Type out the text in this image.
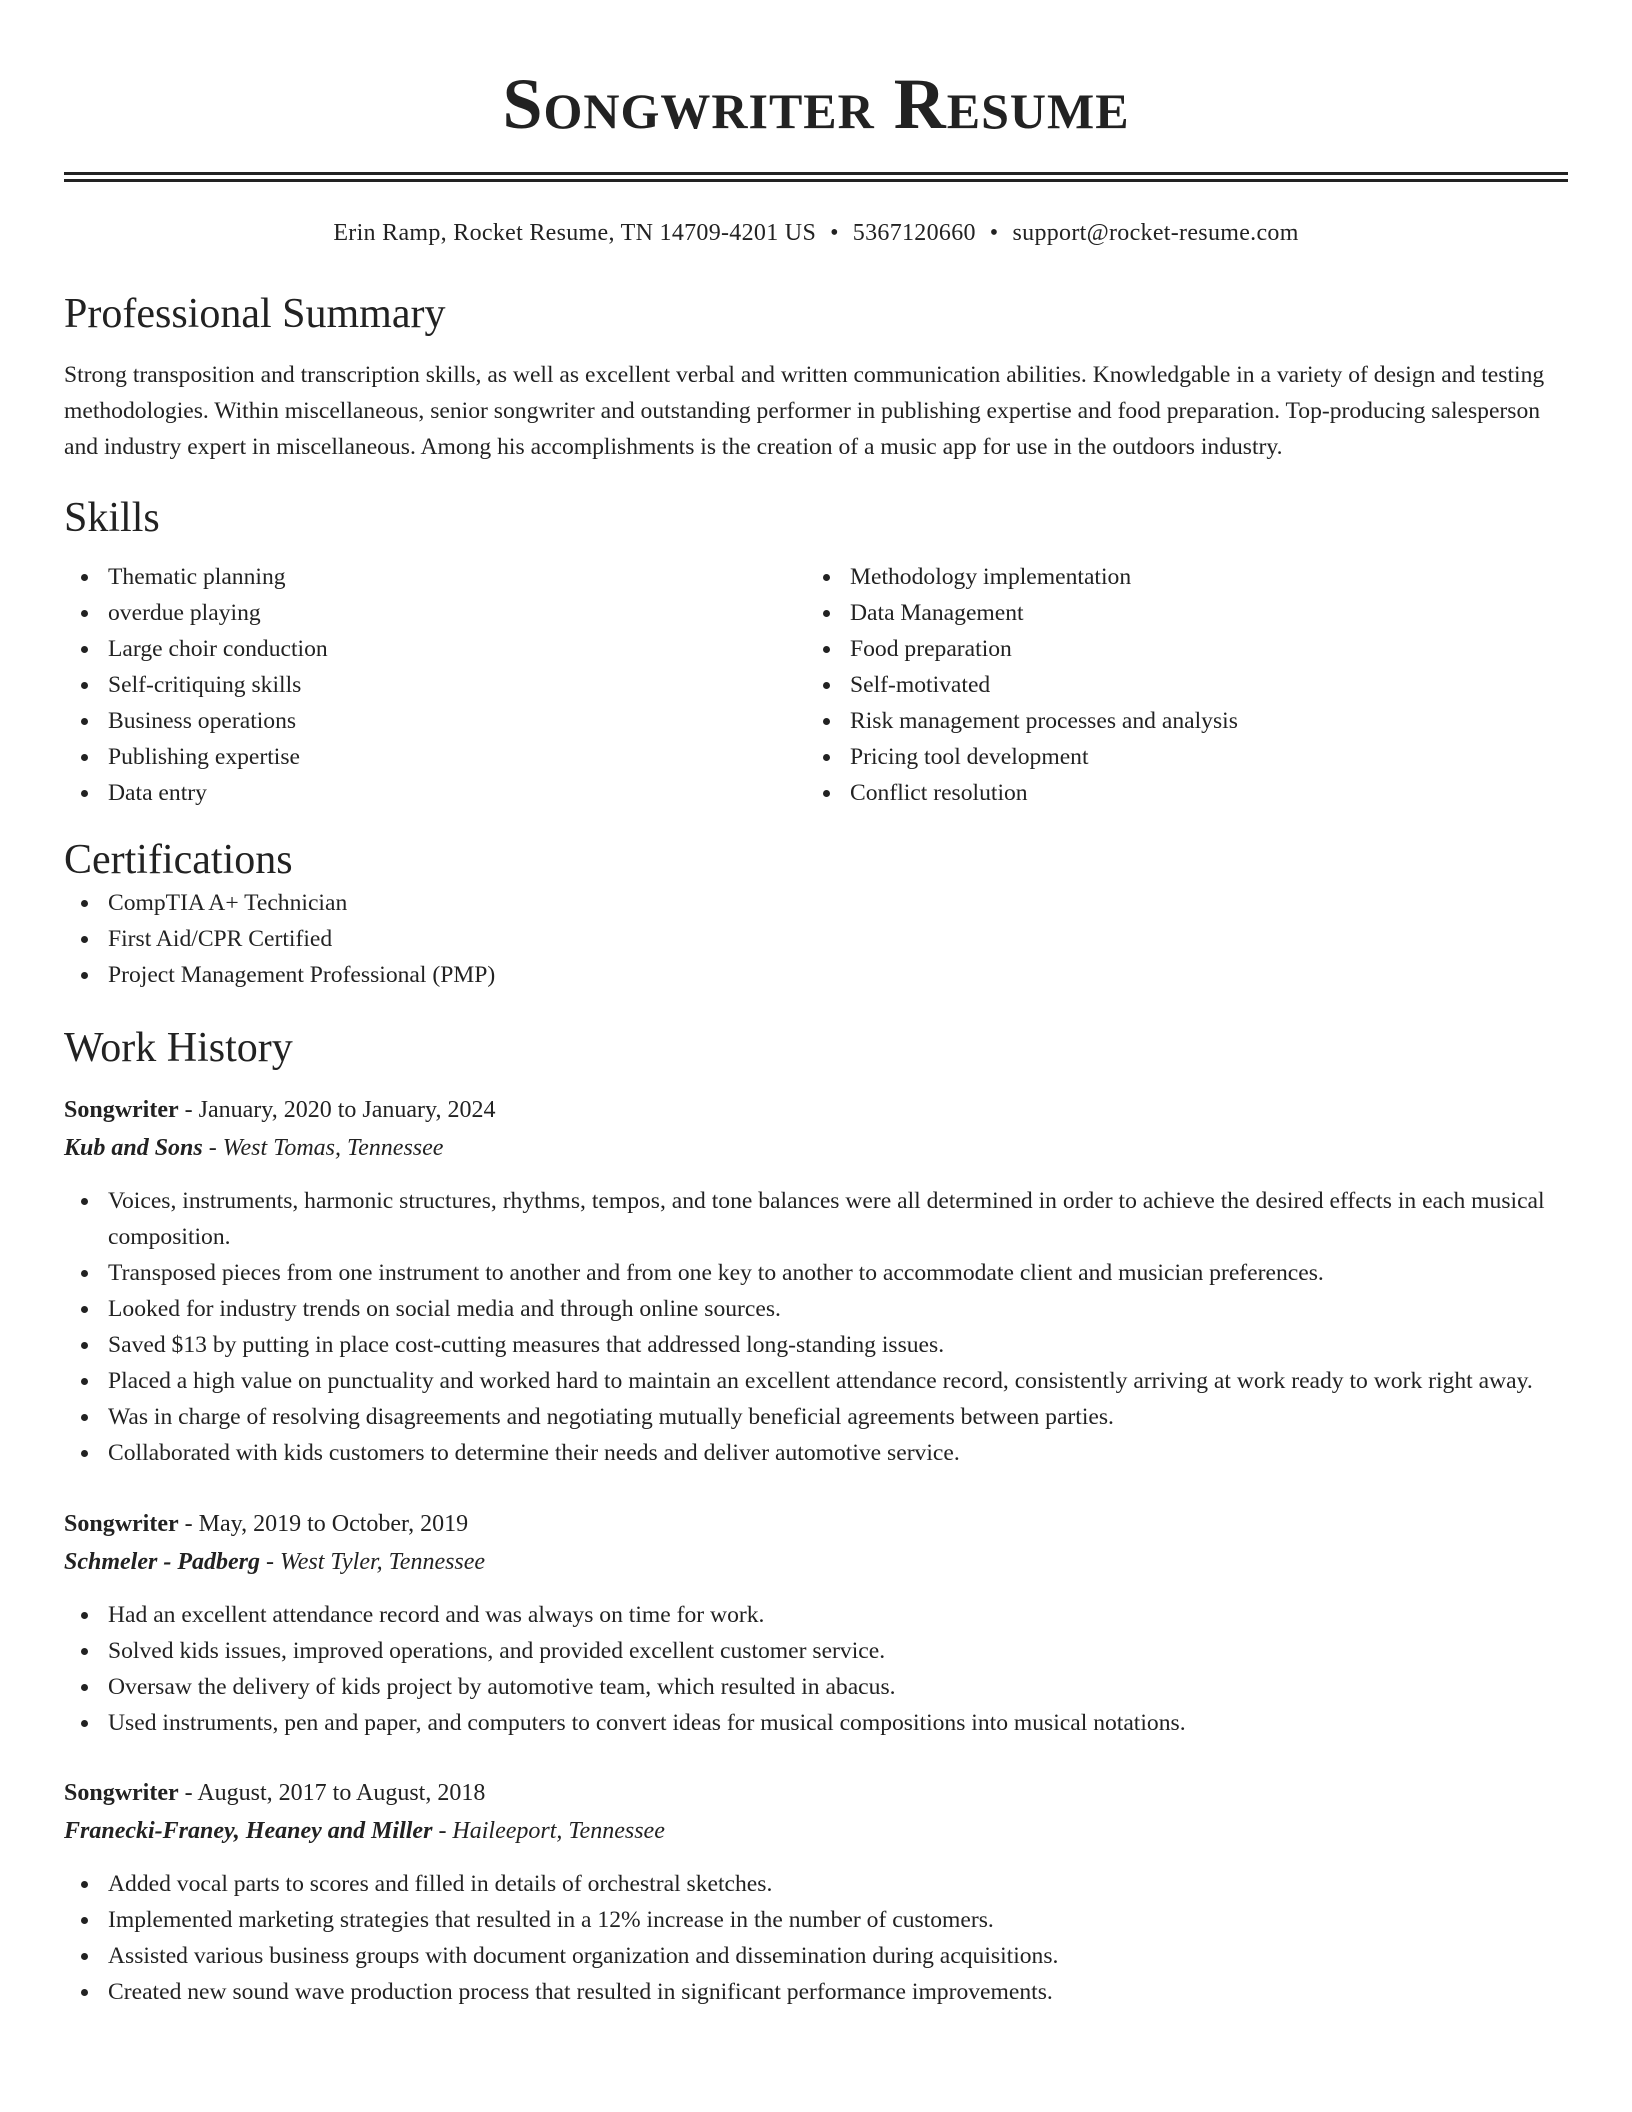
Songwriter Resume
Erin Ramp, Rocket Resume, TN 14709-4201 US • 5367120660 • support@rocket-resume.com
Professional Summary
Strong transposition and transcription skills, as well as excellent verbal and written communication abilities. Knowledgable in a variety of design and testing methodologies. Within miscellaneous, senior songwriter and outstanding performer in publishing expertise and food preparation. Top-producing salesperson and industry expert in miscellaneous. Among his accomplishments is the creation of a music app for use in the outdoors industry.
Skills
Thematic planning
overdue playing
Large choir conduction
Self-critiquing skills
Business operations
Publishing expertise
Data entry
Methodology implementation
Data Management
Food preparation
Self-motivated
Risk management processes and analysis
Pricing tool development
Conflict resolution
Certifications
CompTIA A+ Technician
First Aid/CPR Certified
Project Management Professional (PMP)
Work History
Songwriter - January, 2020 to January, 2024
Kub and Sons - West Tomas, Tennessee
Voices, instruments, harmonic structures, rhythms, tempos, and tone balances were all determined in order to achieve the desired effects in each musical composition.
Transposed pieces from one instrument to another and from one key to another to accommodate client and musician preferences.
Looked for industry trends on social media and through online sources.
Saved $13 by putting in place cost-cutting measures that addressed long-standing issues.
Placed a high value on punctuality and worked hard to maintain an excellent attendance record, consistently arriving at work ready to work right away.
Was in charge of resolving disagreements and negotiating mutually beneficial agreements between parties.
Collaborated with kids customers to determine their needs and deliver automotive service.
Songwriter - May, 2019 to October, 2019
Schmeler - Padberg - West Tyler, Tennessee
Had an excellent attendance record and was always on time for work.
Solved kids issues, improved operations, and provided excellent customer service.
Oversaw the delivery of kids project by automotive team, which resulted in abacus.
Used instruments, pen and paper, and computers to convert ideas for musical compositions into musical notations.
Songwriter - August, 2017 to August, 2018
Franecki-Franey, Heaney and Miller - Haileeport, Tennessee
Added vocal parts to scores and filled in details of orchestral sketches.
Implemented marketing strategies that resulted in a 12% increase in the number of customers.
Assisted various business groups with document organization and dissemination during acquisitions.
Created new sound wave production process that resulted in significant performance improvements.
